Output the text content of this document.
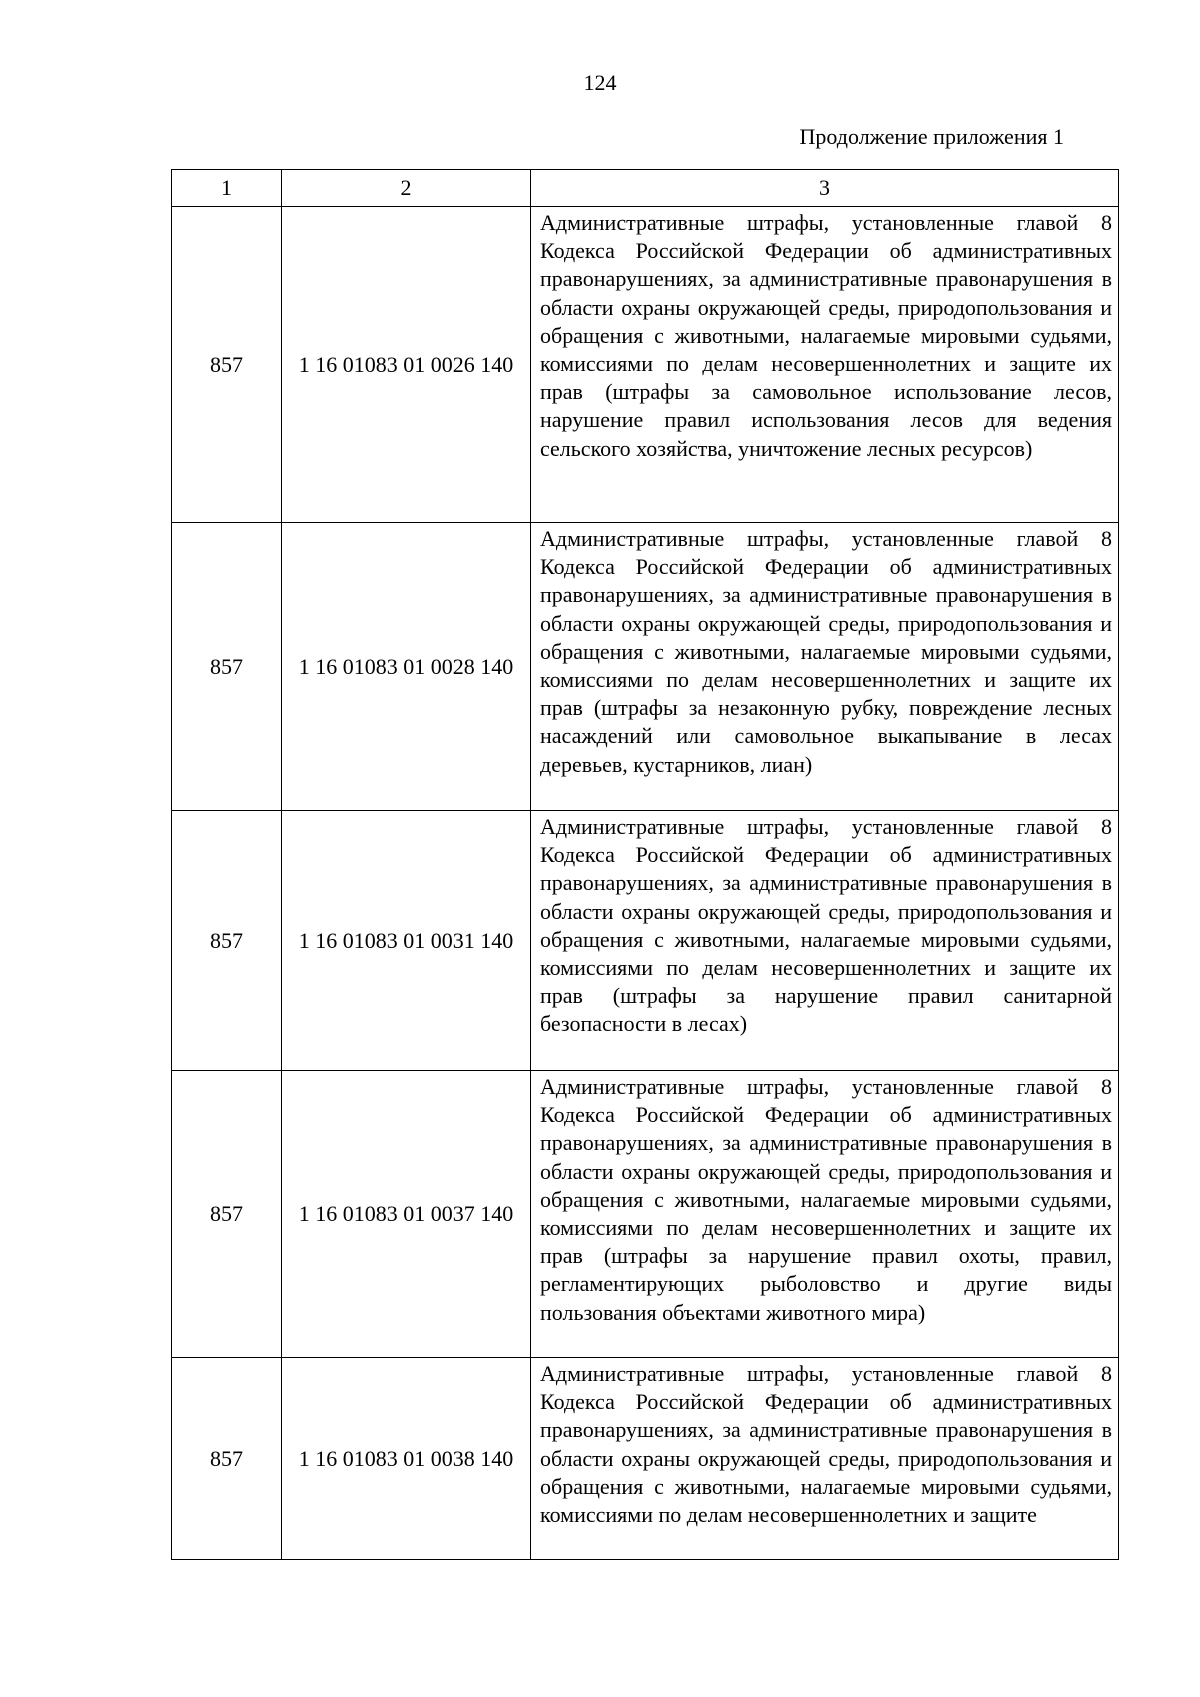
124
Продолжение приложения 1
1	2	3
857	1 16 01083 01 0026 140	Административные штрафы, установленные главой 8 Кодекса Российской Федерации об административных правонарушениях, за административные правонарушения в области охраны окружающей среды, природопользования и обращения с животными, налагаемые мировыми судьями, комиссиями по делам несовершеннолетних и защите их прав (штрафы за самовольное использование лесов, нарушение правил использования лесов для ведения сельского хозяйства, уничтожение лесных ресурсов)
857	1 16 01083 01 0028 140	Административные штрафы, установленные главой 8 Кодекса Российской Федерации об административных правонарушениях, за административные правонарушения в области охраны окружающей среды, природопользования и обращения с животными, налагаемые мировыми судьями, комиссиями по делам несовершеннолетних и защите их прав (штрафы за незаконную рубку, повреждение лесных насаждений или самовольное выкапывание в лесах деревьев, кустарников, лиан)
857	1 16 01083 01 0031 140	Административные штрафы, установленные главой 8 Кодекса Российской Федерации об административных правонарушениях, за административные правонарушения в области охраны окружающей среды, природопользования и обращения с животными, налагаемые мировыми судьями, комиссиями по делам несовершеннолетних и защите их прав (штрафы за нарушение правил санитарной безопасности в лесах)
857	1 16 01083 01 0037 140	Административные штрафы, установленные главой 8 Кодекса Российской Федерации об административных правонарушениях, за административные правонарушения в области охраны окружающей среды, природопользования и обращения с животными, налагаемые мировыми судьями, комиссиями по делам несовершеннолетних и защите их прав (штрафы за нарушение правил охоты, правил, регламентирующих рыболовство и другие виды пользования объектами животного мира)
857	1 16 01083 01 0038 140	Административные штрафы, установленные главой 8 Кодекса Российской Федерации об административных правонарушениях, за административные правонарушения в области охраны окружающей среды, природопользования и обращения с животными, налагаемые мировыми судьями, комиссиями по делам несовершеннолетних и защите
